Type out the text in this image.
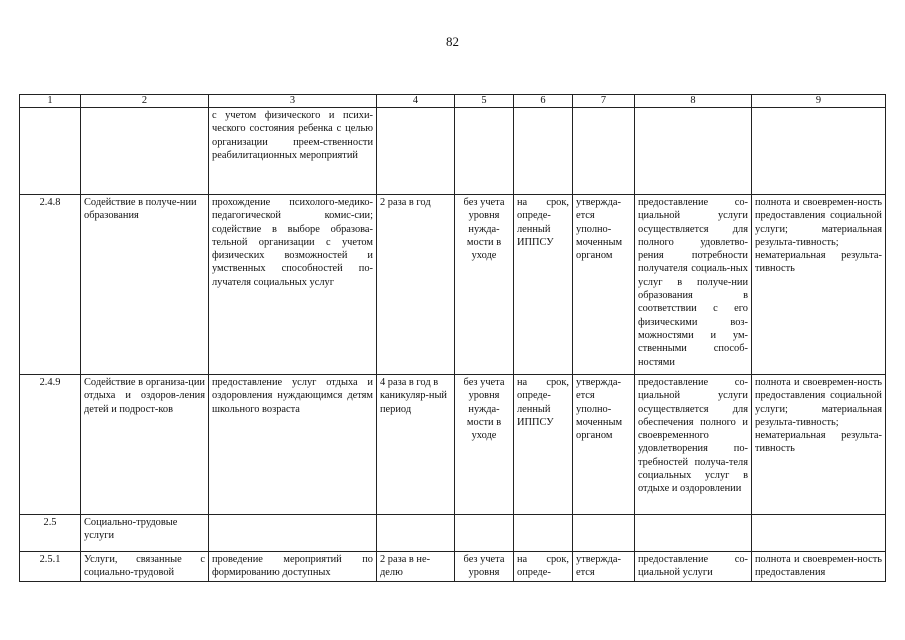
82
1	2	3	4	5	6	7	8	9
		с учетом физического и психи-ческого состояния ребенка с целью организации преем-ственности реабилитационных мероприятий						
2.4.8	Содействие в получе-нии образования	прохождение психолого-медико-педагогической комис-сии; содействие в выборе образова-тельной организации с учетом физических возможностей и умственных способностей по-лучателя социальных услуг	2 раза в год	без учета уровня нужда-мости в уходе	на срок, опреде-ленный ИППСУ	утвержда-ется уполно-моченным органом	предоставление со-циальной услуги осуществляется для полного удовлетво-рения потребности получателя социаль-ных услуг в получе-нии образования в соответствии с его физическими воз-можностями и ум-ственными способ-ностями	полнота и своевремен-ность предоставления социальной услуги; материальная результа-тивность; нематериальная результа-тивность
2.4.9	Содействие в организа-ции отдыха и оздоров-ления детей и подрост-ков	предоставление услуг отдыха и оздоровления нуждающимся детям школьного возраста	4 раза в год в каникуляр-ный период	без учета уровня нужда-мости в уходе	на срок, опреде-ленный ИППСУ	утвержда-ется уполно-моченным органом	предоставление со-циальной услуги осуществляется для обеспечения полного и своевременного удовлетворения по-требностей получа-теля социальных услуг в отдыхе и оздоровлении	полнота и своевремен-ность предоставления социальной услуги; материальная результа-тивность; нематериальная результа-тивность
2.5	Социально-трудовые услуги							

2.5.1	Услуги, связанные с социально-трудовой	проведение мероприятий по формированию доступных	2 раза в не-делю	без учета уровня	на срок, опреде-	утвержда-ется	предоставление со-циальной услуги	полнота и своевремен-ность предоставления
